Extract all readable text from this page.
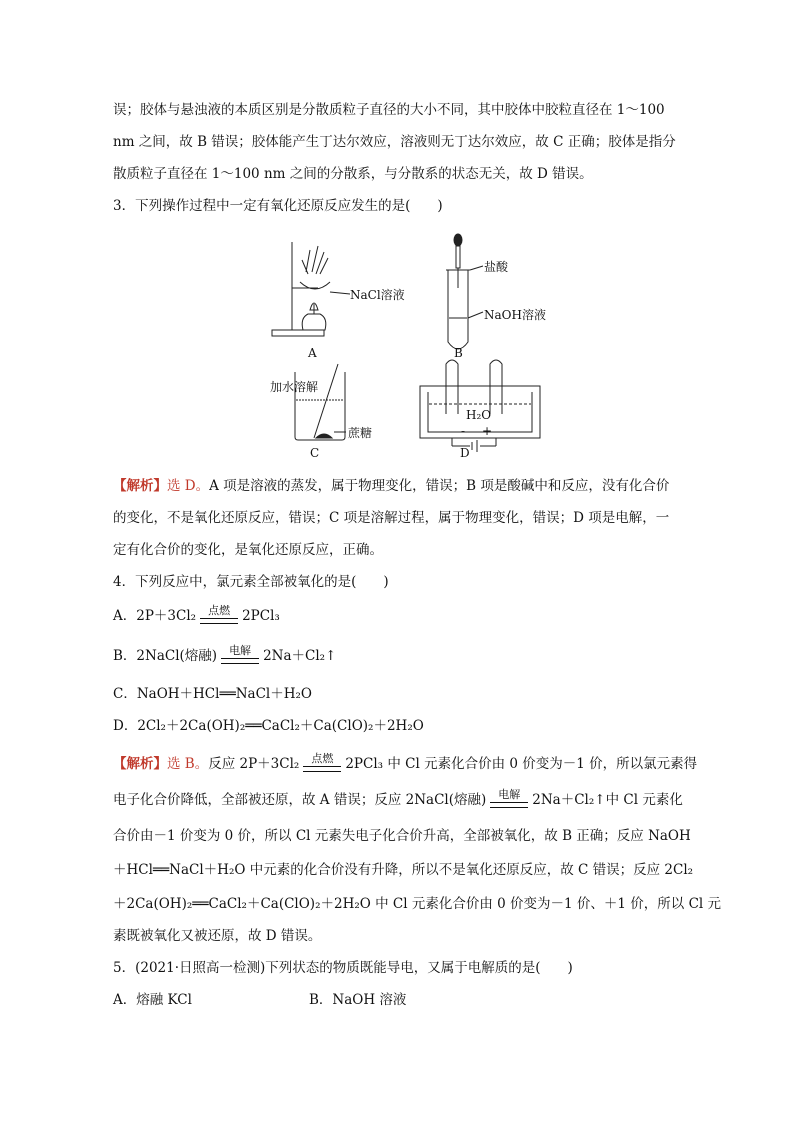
误；胶体与悬浊液的本质区别是分散质粒子直径的大小不同，其中胶体中胶粒直径在 1～100
nm 之间，故 B 错误；胶体能产生丁达尔效应，溶液则无丁达尔效应，故 C 正确；胶体是指分
散质粒子直径在 1～100 nm 之间的分散系，与分散系的状态无关，故 D 错误。
3．下列操作过程中一定有氧化还原反应发生的是(　　)
NaCl溶液
A
盐酸
NaOH溶液
B
加水溶解
蔗糖
C
H₂O
- +
D
【解析】选 D。A 项是溶液的蒸发，属于物理变化，错误；B 项是酸碱中和反应，没有化合价
的变化，不是氧化还原反应，错误；C 项是溶解过程，属于物理变化，错误；D 项是电解，一
定有化合价的变化，是氧化还原反应，正确。
4．下列反应中，氯元素全部被氧化的是(　　)
A．2P＋3Cl₂	点燃 2PCl₃
B．2NaCl(熔融)	电解 2Na＋Cl₂↑
C．NaOH＋HCl══NaCl＋H₂O
D．2Cl₂＋2Ca(OH)₂══CaCl₂＋Ca(ClO)₂＋2H₂O
【解析】选 B。反应 2P＋3Cl₂	点燃 2PCl₃ 中 Cl 元素化合价由 0 价变为－1 价，所以氯元素得
电子化合价降低，全部被还原，故 A 错误；反应 2NaCl(熔融)	电解 2Na＋Cl₂↑中 Cl 元素化
合价由－1 价变为 0 价，所以 Cl 元素失电子化合价升高，全部被氧化，故 B 正确；反应 NaOH
＋HCl══NaCl＋H₂O 中元素的化合价没有升降，所以不是氧化还原反应，故 C 错误；反应 2Cl₂
＋2Ca(OH)₂══CaCl₂＋Ca(ClO)₂＋2H₂O 中 Cl 元素化合价由 0 价变为－1 价、＋1 价，所以 Cl 元
素既被氧化又被还原，故 D 错误。
5．(2021·日照高一检测)下列状态的物质既能导电，又属于电解质的是(　　)
A．熔融 KCl	B．NaOH 溶液
